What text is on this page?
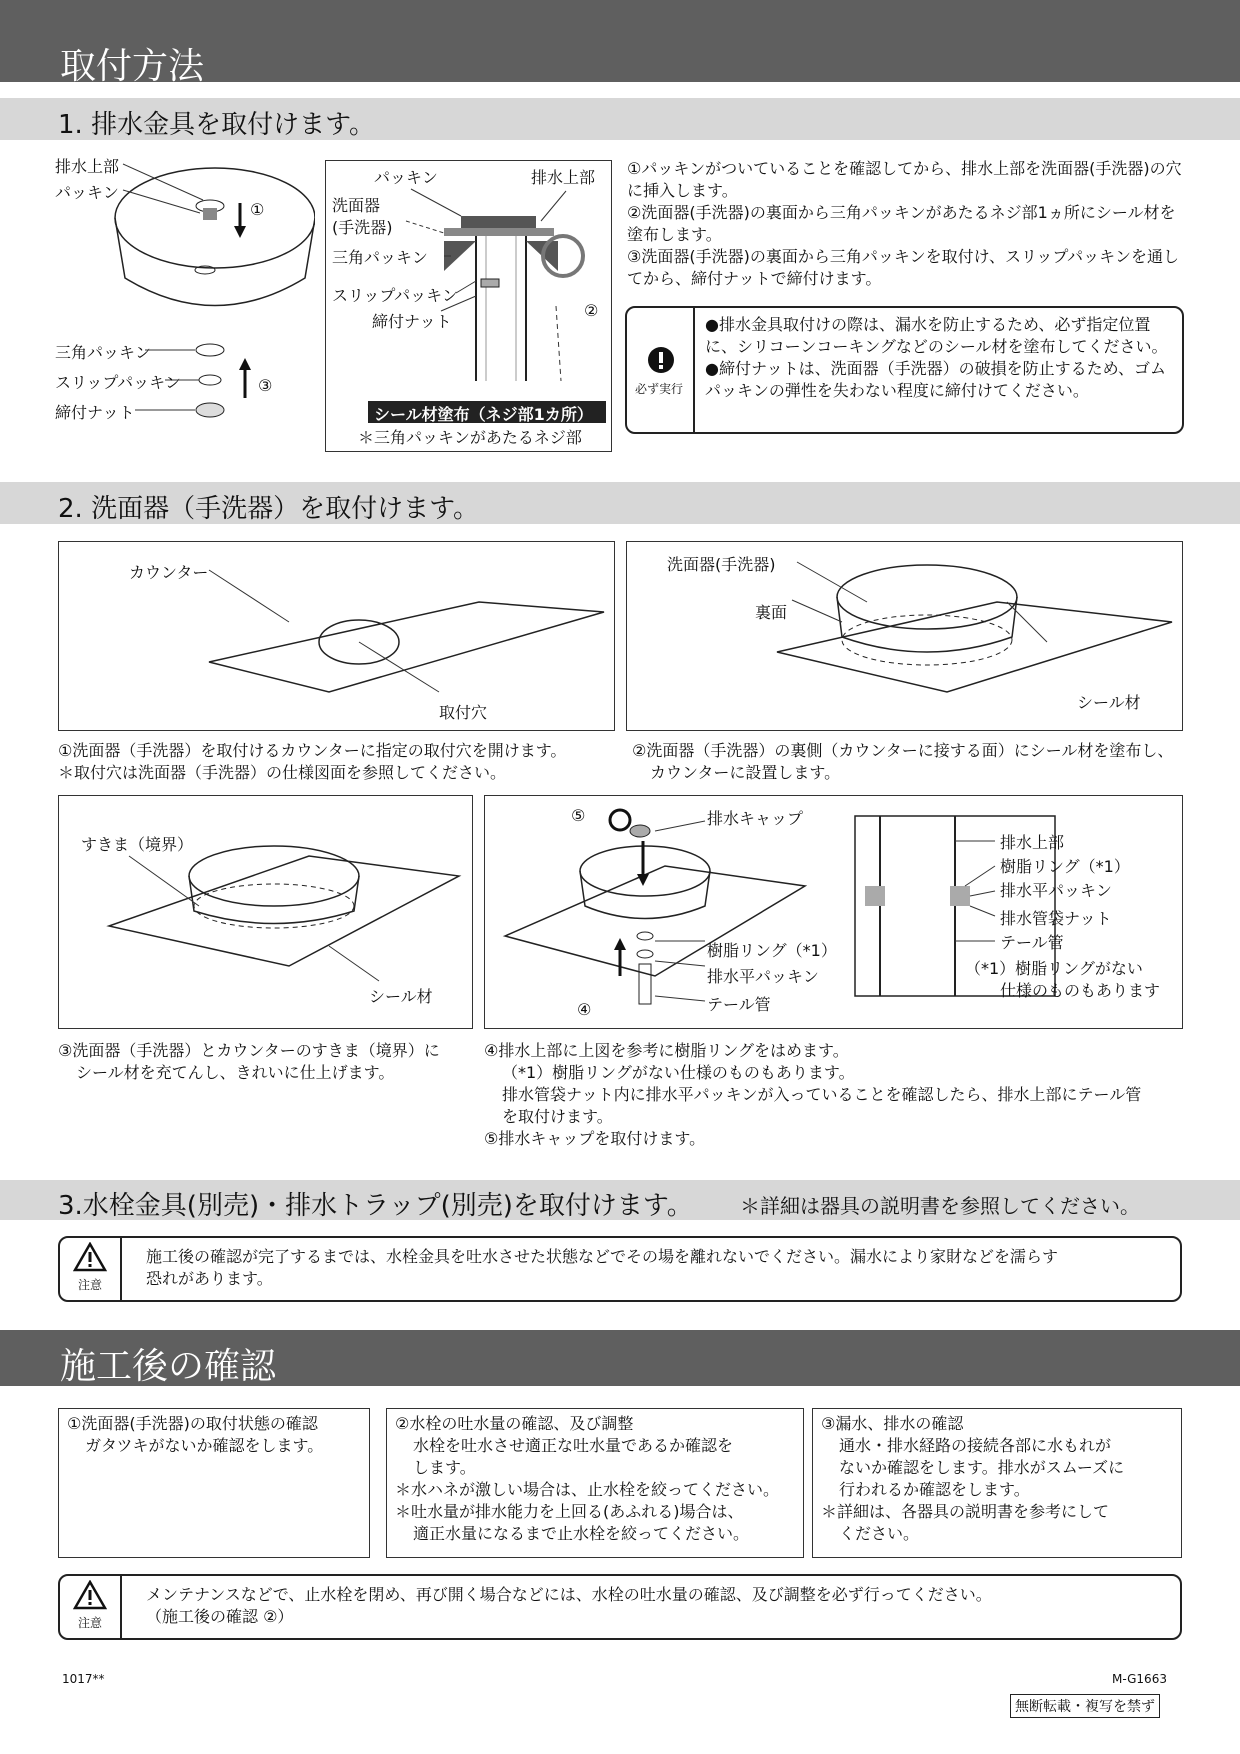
取付方法
1. 排水金具を取付けます。
排水上部
パッキン
①
三角パッキン
スリップパッキン	③
締付ナット
パッキン	排水上部
洗面器
(手洗器)
三角パッキン
スリップパッキン
締付ナット
②
シール材塗布（ネジ部1カ所）
＊三角パッキンがあたるネジ部
①パッキンがついていることを確認してから、排水上部を洗面器(手洗器)の穴に挿入します。
②洗面器(手洗器)の裏面から三角パッキンがあたるネジ部1ヵ所にシール材を塗布します。
③洗面器(手洗器)の裏面から三角パッキンを取付け、スリップパッキンを通してから、締付ナットで締付けます。
必ず実行
●排水金具取付けの際は、漏水を防止するため、必ず指定位置に、シリコーンコーキングなどのシール材を塗布してください。
●締付ナットは、洗面器（手洗器）の破損を防止するため、ゴムパッキンの弾性を失わない程度に締付けてください。
2. 洗面器（手洗器）を取付けます。
カウンター
取付穴
①洗面器（手洗器）を取付けるカウンターに指定の取付穴を開けます。
＊取付穴は洗面器（手洗器）の仕様図面を参照してください。
洗面器(手洗器)
裏面
シール材
②洗面器（手洗器）の裏側（カウンターに接する面）にシール材を塗布し、
カウンターに設置します。
すきま（境界）
シール材
③洗面器（手洗器）とカウンターのすきま（境界）に
シール材を充てんし、きれいに仕上げます。
⑤	排水キャップ
樹脂リング（*1）
排水平パッキン
④	テール管
排水上部
樹脂リング（*1）
排水平パッキン
排水管袋ナット
テール管
（*1）樹脂リングがない
仕様のものもあります
④排水上部に上図を参考に樹脂リングをはめます。
（*1）樹脂リングがない仕様のものもあります。
排水管袋ナット内に排水平パッキンが入っていることを確認したら、排水上部にテール管
を取付けます。
⑤排水キャップを取付けます。
3.水栓金具(別売)・排水トラップ(別売)を取付けます。 ＊詳細は器具の説明書を参照してください。
注意
施工後の確認が完了するまでは、水栓金具を吐水させた状態などでその場を離れないでください。漏水により家財などを濡らす
恐れがあります。
施工後の確認
①洗面器(手洗器)の取付状態の確認
ガタツキがないか確認をします。
②水栓の吐水量の確認、及び調整
水栓を吐水させ適正な吐水量であるか確認を
します。
＊水ハネが激しい場合は、止水栓を絞ってください。
＊吐水量が排水能力を上回る(あふれる)場合は、
適正水量になるまで止水栓を絞ってください。
③漏水、排水の確認
通水・排水経路の接続各部に水もれが
ないか確認をします。排水がスムーズに
行われるか確認をします。
＊詳細は、各器具の説明書を参考にして
ください。
注意
メンテナンスなどで、止水栓を閉め、再び開く場合などには、水栓の吐水量の確認、及び調整を必ず行ってください。
（施工後の確認 ②）
1017**	M-G1663
無断転載・複写を禁ず
